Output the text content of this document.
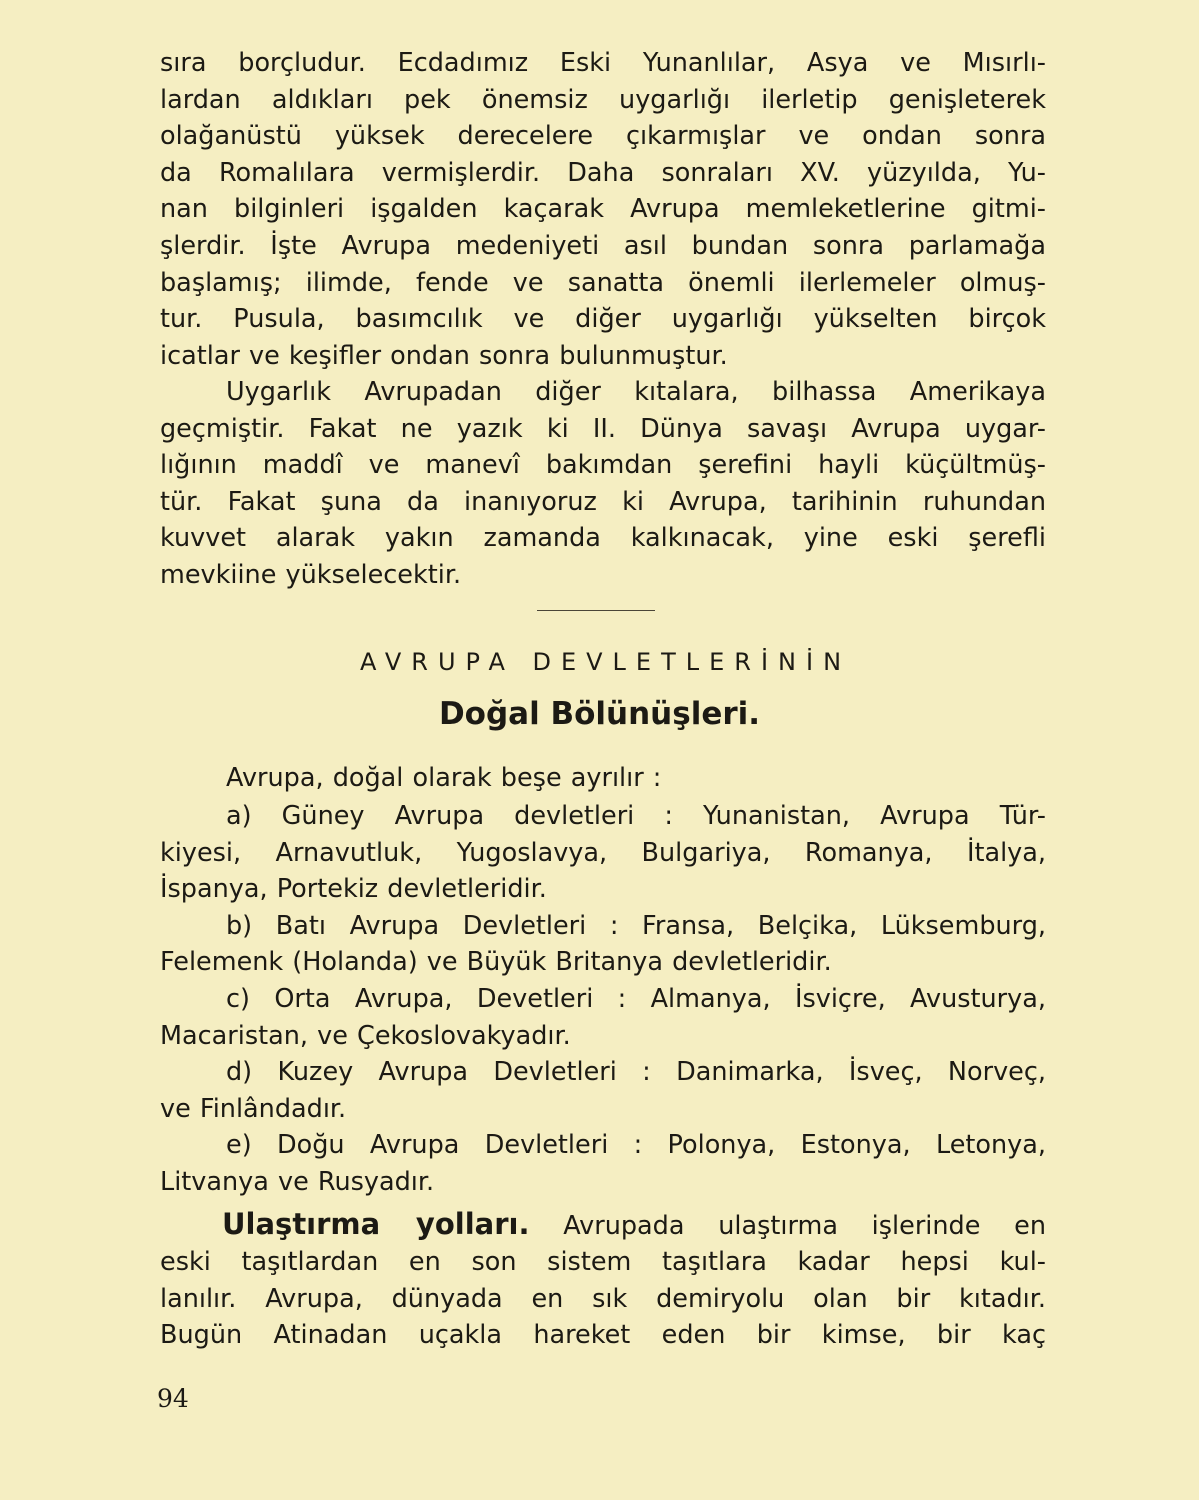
sıra borçludur. Ecdadımız Eski Yunanlılar, Asya ve Mısırlı-
lardan aldıkları pek önemsiz uygarlığı ilerletip genişleterek
olağanüstü yüksek derecelere çıkarmışlar ve ondan sonra
da Romalılara vermişlerdir. Daha sonraları XV. yüzyılda, Yu-
nan bilginleri işgalden kaçarak Avrupa memleketlerine gitmi-
şlerdir. İşte Avrupa medeniyeti asıl bundan sonra parlamağa
başlamış; ilimde, fende ve sanatta önemli ilerlemeler olmuş-
tur. Pusula, basımcılık ve diğer uygarlığı yükselten birçok
icatlar ve keşifler ondan sonra bulunmuştur.
Uygarlık Avrupadan diğer kıtalara, bilhassa Amerikaya
geçmiştir. Fakat ne yazık ki II. Dünya savaşı Avrupa uygar-
lığının maddî ve manevî bakımdan şerefini hayli küçültmüş-
tür. Fakat şuna da inanıyoruz ki Avrupa, tarihinin ruhundan
kuvvet alarak yakın zamanda kalkınacak, yine eski şerefli
mevkiine yükselecektir.
AVRUPA DEVLETLERİNİN
Doğal Bölünüşleri.
Avrupa, doğal olarak beşe ayrılır :
a) Güney Avrupa devletleri : Yunanistan, Avrupa Tür-
kiyesi, Arnavutluk, Yugoslavya, Bulgariya, Romanya, İtalya,
İspanya, Portekiz devletleridir.
b) Batı Avrupa Devletleri : Fransa, Belçika, Lüksemburg,
Felemenk (Holanda) ve Büyük Britanya devletleridir.
c) Orta Avrupa, Devetleri : Almanya, İsviçre, Avusturya,
Macaristan, ve Çekoslovakyadır.
d) Kuzey Avrupa Devletleri : Danimarka, İsveç, Norveç,
ve Finlândadır.
e) Doğu Avrupa Devletleri : Polonya, Estonya, Letonya,
Litvanya ve Rusyadır.
Ulaştırma yolları. Avrupada ulaştırma işlerinde en
eski taşıtlardan en son sistem taşıtlara kadar hepsi kul-
lanılır. Avrupa, dünyada en sık demiryolu olan bir kıtadır.
Bugün Atinadan uçakla hareket eden bir kimse, bir kaç
94
